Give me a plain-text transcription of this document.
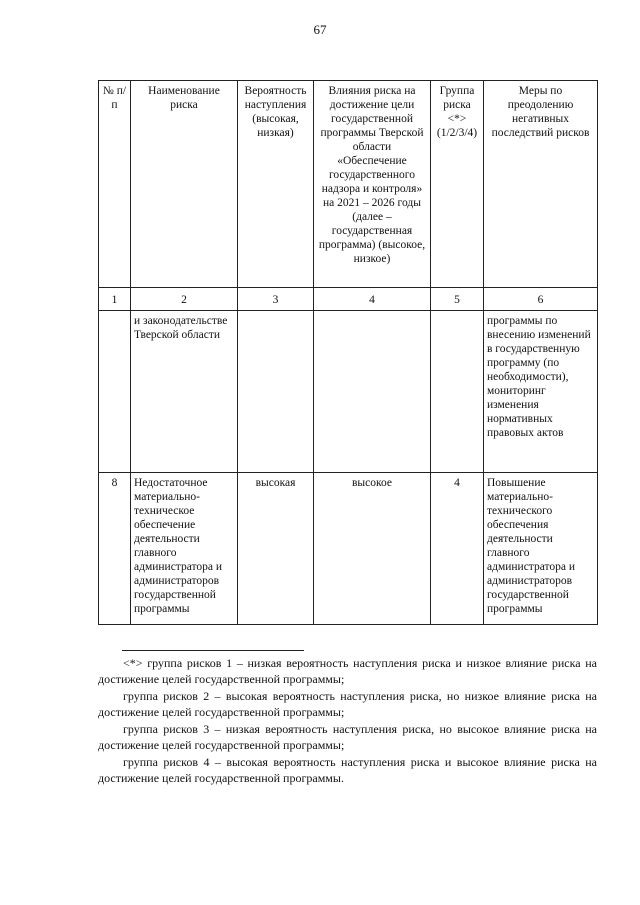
67
№ п/п	Наименование риска	Вероятность наступления (высокая, низкая)	Влияния риска на достижение цели государственной программы Тверской области «Обеспечение государственного надзора и контроля» на 2021 – 2026 годы (далее – государственная программа) (высокое, низкое)	Группа риска <*> (1/2/3/4)	Меры по преодолению негативных последствий рисков
1	2	3	4	5	6
	и законодательстве Тверской области				программы по внесению изменений в государственную программу (по необходимости), мониторинг изменения нормативных правовых актов
8	Недостаточное материально-техническое обеспечение деятельности главного администратора и администраторов государственной программы	высокая	высокое	4	Повышение материально-технического обеспечения деятельности главного администратора и администраторов государственной программы

<*> группа рисков 1 – низкая вероятность наступления риска и низкое влияние риска на достижение целей государственной программы;

группа рисков 2 – высокая вероятность наступления риска, но низкое влияние риска на достижение целей государственной программы;

группа рисков 3 – низкая вероятность наступления риска, но высокое влияние риска на достижение целей государственной программы;

группа рисков 4 – высокая вероятность наступления риска и высокое влияние риска на достижение целей государственной программы.
